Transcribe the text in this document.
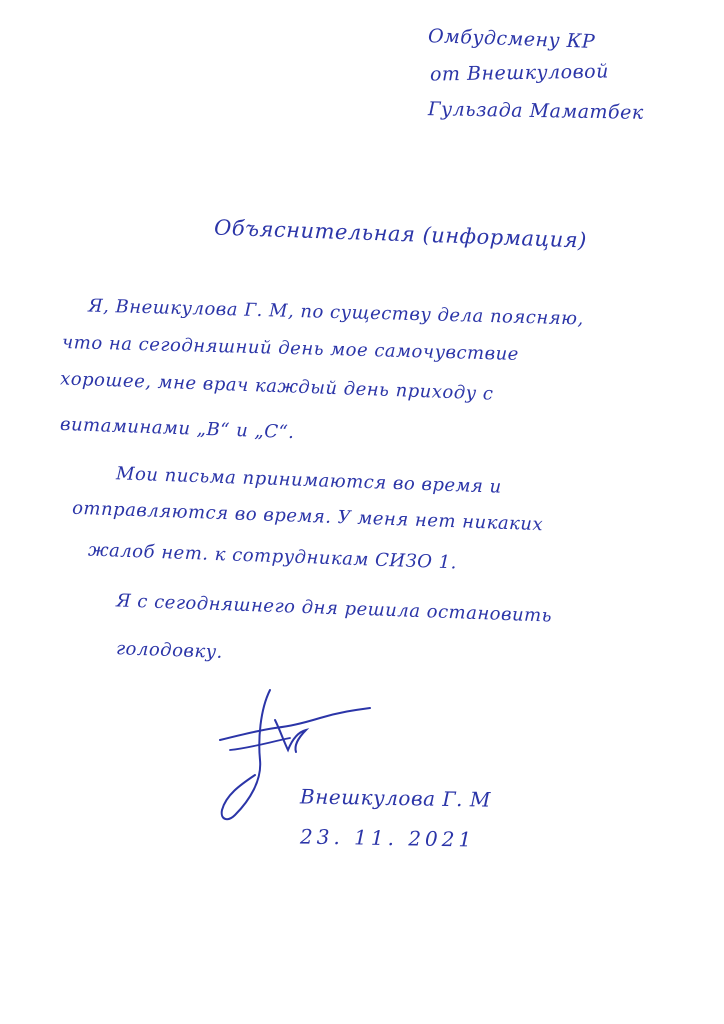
Омбудсмену КР
от Внешкуловой
Гульзада Маматбек
Объяснительная (информация)
Я, Внешкулова Г. М, по существу дела поясняю,
что на сегодняшний день мое самочувствие
хорошее, мне врач каждый день приходу с
витаминами „В“ и „С“.
Мои письма принимаются во время и
отправляются во время. У меня нет никаких
жалоб нет. к сотрудникам СИЗО 1.
Я с сегодняшнего дня решила остановить
голодовку.
Внешкулова Г. М
23. 11. 2021
